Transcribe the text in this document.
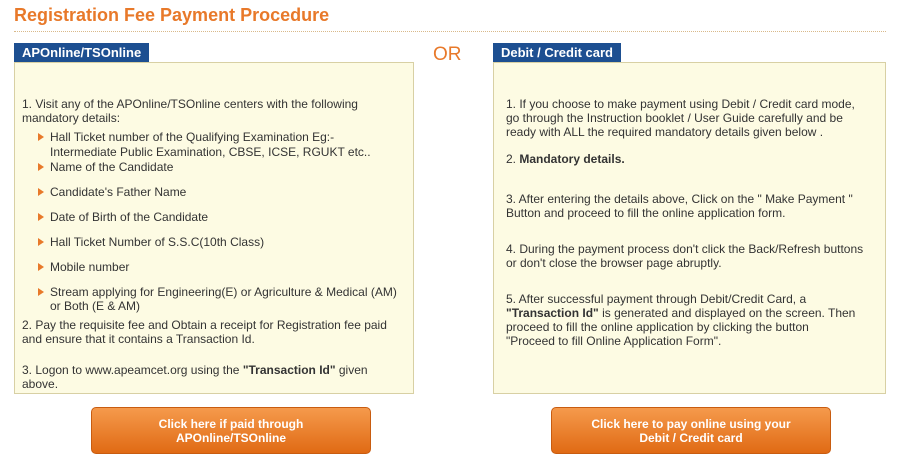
Registration Fee Payment Procedure
APOnline/TSOnline	OR	Debit / Credit card
1. Visit any of the APOnline/TSOnline centers with the following
mandatory details:
Hall Ticket number of the Qualifying Examination Eg:-
Intermediate Public Examination, CBSE, ICSE, RGUKT etc..
Name of the Candidate
Candidate's Father Name
Date of Birth of the Candidate
Hall Ticket Number of S.S.C(10th Class)
Mobile number
Stream applying for Engineering(E) or Agriculture & Medical (AM)
or Both (E & AM)
2. Pay the requisite fee and Obtain a receipt for Registration fee paid
and ensure that it contains a Transaction Id.
3. Logon to www.apeamcet.org using the "Transaction Id" given
above.
1. If you choose to make payment using Debit / Credit card mode,
go through the Instruction booklet / User Guide carefully and be
ready with ALL the required mandatory details given below .
2. Mandatory details.
3. After entering the details above, Click on the " Make Payment "
Button and proceed to fill the online application form.
4. During the payment process don't click the Back/Refresh buttons
or don't close the browser page abruptly.
5. After successful payment through Debit/Credit Card, a
"Transaction Id" is generated and displayed on the screen. Then
proceed to fill the online application by clicking the button
"Proceed to fill Online Application Form".
Click here if paid through
APOnline/TSOnline
Click here to pay online using your
Debit / Credit card
